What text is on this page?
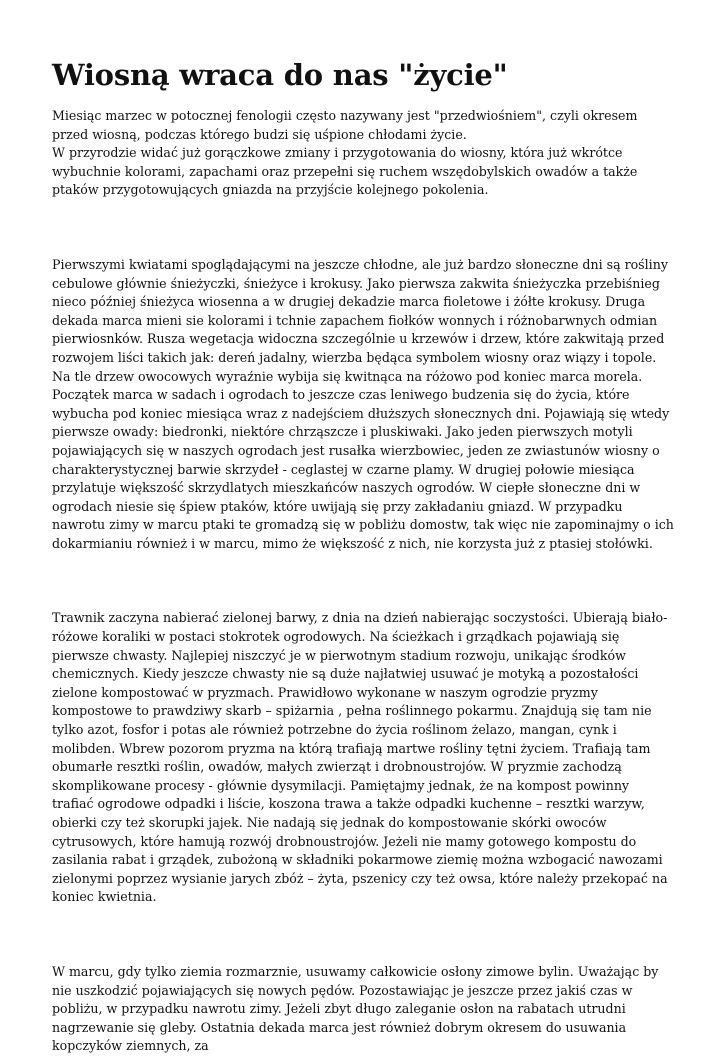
Wiosną wraca do nas "życie"

Miesiąc marzec w potocznej fenologii często nazywany jest "przedwiośniem", czyli okresem przed wiosną, podczas którego budzi się uśpione chłodami życie.
W przyrodzie widać już gorączkowe zmiany i przygotowania do wiosny, która już wkrótce wybuchnie kolorami, zapachami oraz przepełni się ruchem wszędobylskich owadów a także ptaków przygotowujących gniazda na przyjście kolejnego pokolenia.

Pierwszymi kwiatami spoglądającymi na jeszcze chłodne, ale już bardzo słoneczne dni są rośliny cebulowe głównie śnieżyczki, śnieżyce i krokusy. Jako pierwsza zakwita śnieżyczka przebiśnieg nieco później śnieżyca wiosenna a w drugiej dekadzie marca fioletowe i żółte krokusy. Druga dekada marca mieni sie kolorami i tchnie zapachem fiołków wonnych i różnobarwnych odmian pierwiosnków. Rusza wegetacja widoczna szczególnie u krzewów i drzew, które zakwitają przed rozwojem liści takich jak: dereń jadalny, wierzba będąca symbolem wiosny oraz wiązy i topole. Na tle drzew owocowych wyraźnie wybija się kwitnąca na różowo pod koniec marca morela. Początek marca w sadach i ogrodach to jeszcze czas leniwego budzenia się do życia, które wybucha pod koniec miesiąca wraz z nadejściem dłuższych słonecznych dni. Pojawiają się wtedy pierwsze owady: biedronki, niektóre chrząszcze i pluskiwaki. Jako jeden pierwszych motyli pojawiających się w naszych ogrodach jest rusałka wierzbowiec, jeden ze zwiastunów wiosny o charakterystycznej barwie skrzydeł - ceglastej w czarne plamy. W drugiej połowie miesiąca przylatuje większość skrzydlatych mieszkańców naszych ogrodów. W ciepłe słoneczne dni w ogrodach niesie się śpiew ptaków, które uwijają się przy zakładaniu gniazd. W przypadku nawrotu zimy w marcu ptaki te gromadzą się w pobliżu domostw, tak więc nie zapominajmy o ich dokarmianiu również i w marcu, mimo że większość z nich, nie korzysta już z ptasiej stołówki.

Trawnik zaczyna nabierać zielonej barwy, z dnia na dzień nabierając soczystości. Ubierają biało-różowe koraliki w postaci stokrotek ogrodowych. Na ścieżkach i grządkach pojawiają się pierwsze chwasty. Najlepiej niszczyć je w pierwotnym stadium rozwoju, unikając środków chemicznych. Kiedy jeszcze chwasty nie są duże najłatwiej usuwać je motyką a pozostałości zielone kompostować w pryzmach. Prawidłowo wykonane w naszym ogrodzie pryzmy kompostowe to prawdziwy skarb – spiżarnia , pełna roślinnego pokarmu. Znajdują się tam nie tylko azot, fosfor i potas ale również potrzebne do życia roślinom żelazo, mangan, cynk i molibden. Wbrew pozorom pryzma na którą trafiają martwe rośliny tętni życiem. Trafiają tam obumarłe resztki roślin, owadów, małych zwierząt i drobnoustrojów. W pryzmie zachodzą skomplikowane procesy - głównie dysymilacji. Pamiętajmy jednak, że na kompost powinny trafiać ogrodowe odpadki i liście, koszona trawa a także odpadki kuchenne – resztki warzyw, obierki czy też skorupki jajek. Nie nadają się jednak do kompostowanie skórki owoców cytrusowych, które hamują rozwój drobnoustrojów. Jeżeli nie mamy gotowego kompostu do zasilania rabat i grządek, zubożoną w składniki pokarmowe ziemię można wzbogacić nawozami zielonymi poprzez wysianie jarych zbóż – żyta, pszenicy czy też owsa, które należy przekopać na koniec kwietnia.

W marcu, gdy tylko ziemia rozmarznie, usuwamy całkowicie osłony zimowe bylin. Uważając by nie uszkodzić pojawiających się nowych pędów. Pozostawiając je jeszcze przez jakiś czas w pobliżu, w przypadku nawrotu zimy. Jeżeli zbyt długo zaleganie osłon na rabatach utrudni nagrzewanie się gleby. Ostatnia dekada marca jest również dobrym okresem do usuwania kopczyków ziemnych, za
